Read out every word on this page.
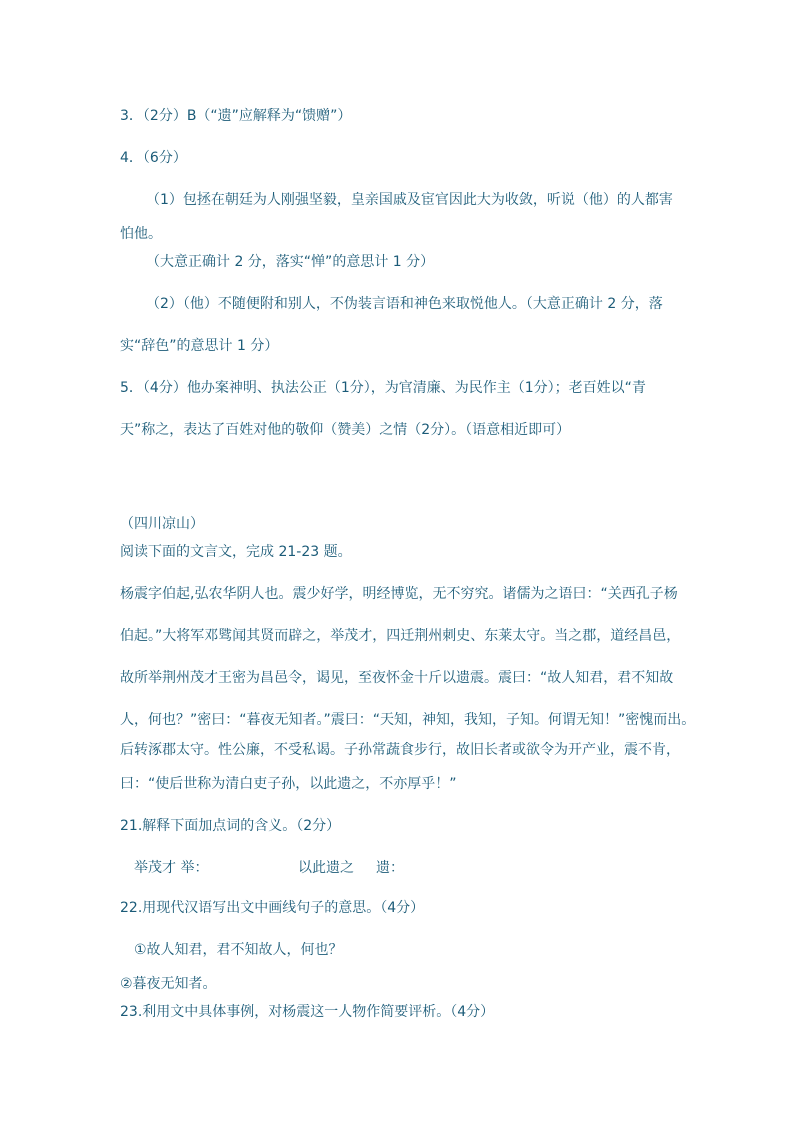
3．（2分）B（“遗”应解释为“馈赠”）
4．（6分）
（1）包拯在朝廷为人刚强坚毅，皇亲国戚及宦官因此大为收敛，听说（他）的人都害
怕他。
（大意正确计 2 分，落实“惮”的意思计 1 分）
（2）（他）不随便附和别人，不伪装言语和神色来取悦他人。（大意正确计 2 分，落
实“辞色”的意思计 1 分）
5．（4分）他办案神明、执法公正（1分），为官清廉、为民作主（1分）；老百姓以“青
天”称之，表达了百姓对他的敬仰（赞美）之情（2分）。（语意相近即可）
（四川凉山）
阅读下面的文言文，完成 21-23 题。
杨震字伯起,弘农华阴人也。震少好学，明经博览，无不穷究。诸儒为之语曰：“关西孔子杨
伯起。”大将军邓骘闻其贤而辟之，举茂才，四迁荆州刺史、东莱太守。当之郡，道经昌邑，
故所举荆州茂才王密为昌邑令，谒见，至夜怀金十斤以遗震。震曰：“故人知君，君不知故
人，何也？”密曰：“暮夜无知者。”震曰：“天知，神知，我知，子知。何谓无知！”密愧而出。
后转涿郡太守。性公廉，不受私谒。子孙常蔬食步行，故旧长者或欲令为开产业，震不肯，
曰：“使后世称为清白吏子孙，以此遗之，不亦厚乎！”
21.解释下面加点词的含义。（2分）
举茂才 举：	以此遗之 遗：
22.用现代汉语写出文中画线句子的意思。（4分）
①故人知君，君不知故人，何也？
②暮夜无知者。
23.利用文中具体事例，对杨震这一人物作简要评析。（4分）
